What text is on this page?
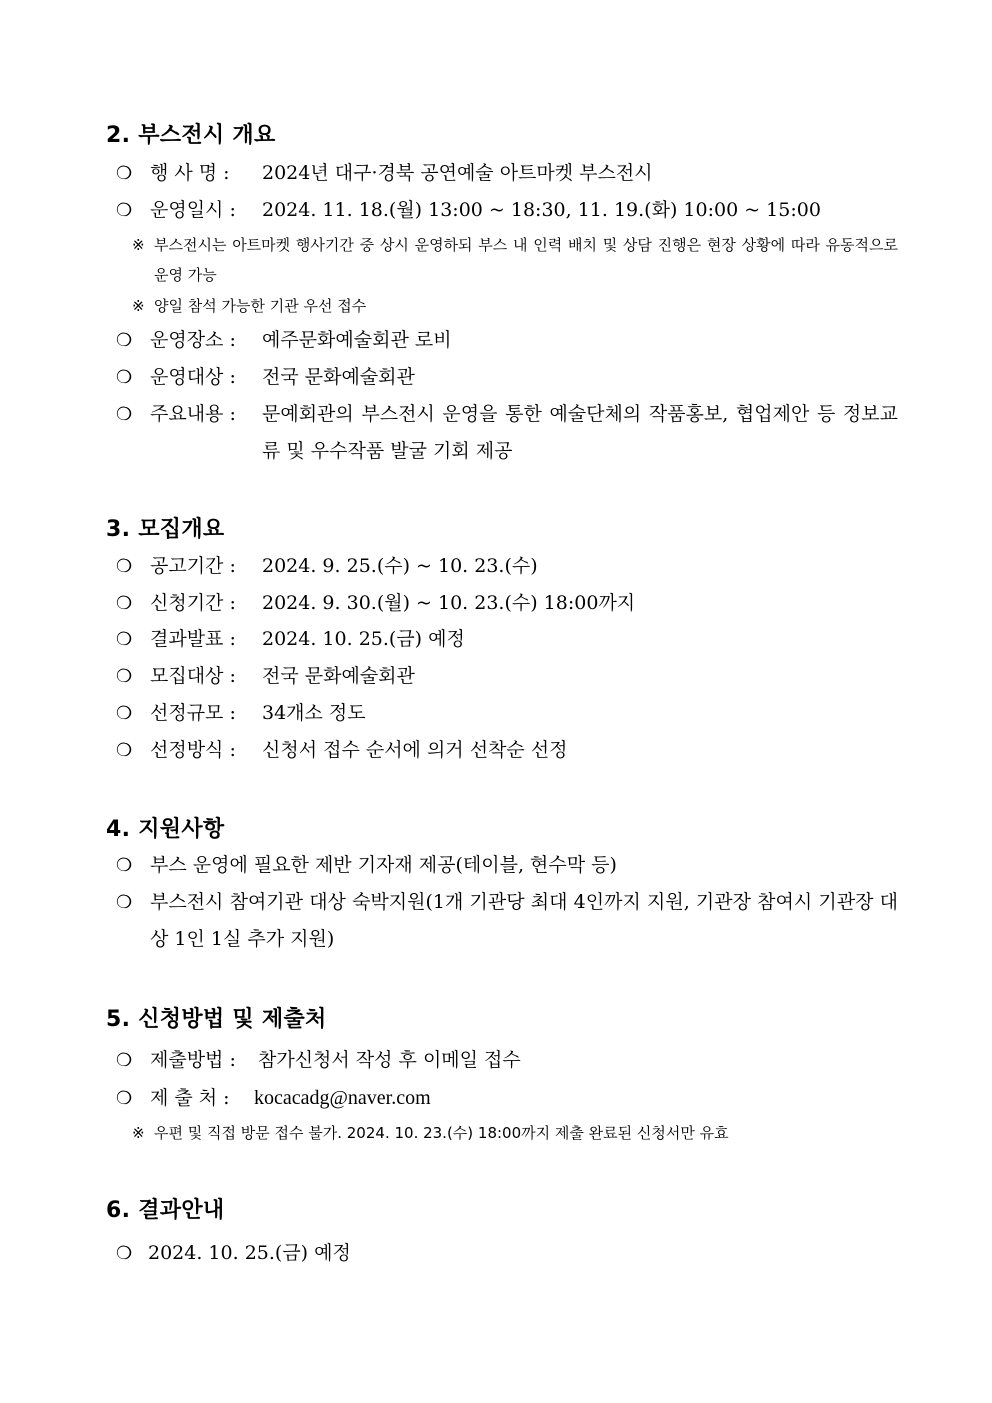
2. 부스전시 개요
❍ 행 사 명 : 2024년 대구·경북 공연예술 아트마켓 부스전시
❍ 운영일시 : 2024. 11. 18.(월) 13:00 ~ 18:30, 11. 19.(화) 10:00 ~ 15:00
※ 부스전시는 아트마켓 행사기간 중 상시 운영하되 부스 내 인력 배치 및 상담 진행은 현장 상황에 따라 유동적으로 운영 가능
※ 양일 참석 가능한 기관 우선 접수
❍ 운영장소 : 예주문화예술회관 로비
❍ 운영대상 : 전국 문화예술회관
❍ 주요내용 : 문예회관의 부스전시 운영을 통한 예술단체의 작품홍보, 협업제안 등 정보교류 및 우수작품 발굴 기회 제공
3. 모집개요
❍ 공고기간 : 2024. 9. 25.(수) ~ 10. 23.(수)
❍ 신청기간 : 2024. 9. 30.(월) ~ 10. 23.(수) 18:00까지
❍ 결과발표 : 2024. 10. 25.(금) 예정
❍ 모집대상 : 전국 문화예술회관
❍ 선정규모 : 34개소 정도
❍ 선정방식 : 신청서 접수 순서에 의거 선착순 선정
4. 지원사항
❍ 부스 운영에 필요한 제반 기자재 제공(테이블, 현수막 등)
❍ 부스전시 참여기관 대상 숙박지원(1개 기관당 최대 4인까지 지원, 기관장 참여시 기관장 대상 1인 1실 추가 지원)
5. 신청방법 및 제출처
❍ 제출방법 : 참가신청서 작성 후 이메일 접수
❍ 제 출 처 : kocacadg@naver.com
※ 우편 및 직접 방문 접수 불가. 2024. 10. 23.(수) 18:00까지 제출 완료된 신청서만 유효
6. 결과안내
❍ 2024. 10. 25.(금) 예정
